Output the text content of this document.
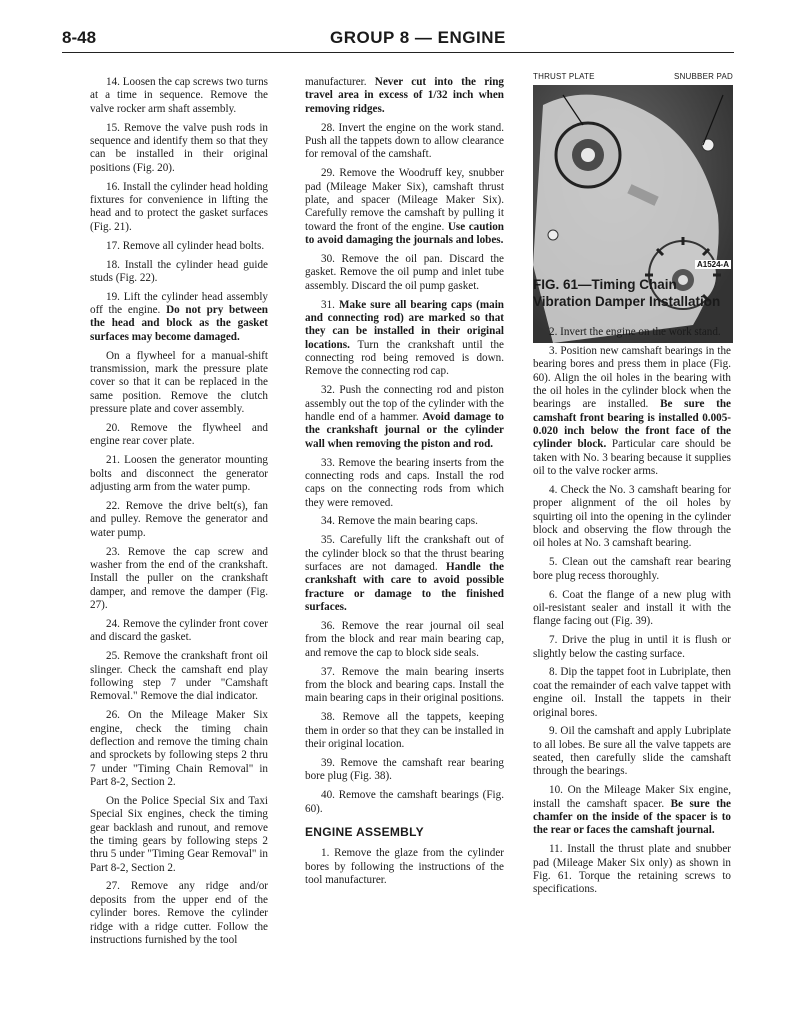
8-48	GROUP 8 — ENGINE

14. Loosen the cap screws two turns at a time in sequence. Remove the valve rocker arm shaft assembly.

15. Remove the valve push rods in sequence and identify them so that they can be installed in their original positions (Fig. 20).

16. Install the cylinder head holding fixtures for convenience in lifting the head and to protect the gasket surfaces (Fig. 21).

17. Remove all cylinder head bolts.

18. Install the cylinder head guide studs (Fig. 22).

19. Lift the cylinder head assembly off the engine. Do not pry between the head and block as the gasket surfaces may become damaged.

On a flywheel for a manual-shift transmission, mark the pressure plate cover so that it can be replaced in the same position. Remove the clutch pressure plate and cover assembly.

20. Remove the flywheel and engine rear cover plate.

21. Loosen the generator mounting bolts and disconnect the generator adjusting arm from the water pump.

22. Remove the drive belt(s), fan and pulley. Remove the generator and water pump.

23. Remove the cap screw and washer from the end of the crankshaft. Install the puller on the crankshaft damper, and remove the damper (Fig. 27).

24. Remove the cylinder front cover and discard the gasket.

25. Remove the crankshaft front oil slinger. Check the camshaft end play following step 7 under "Camshaft Removal." Remove the dial indicator.

26. On the Mileage Maker Six engine, check the timing chain deflection and remove the timing chain and sprockets by following steps 2 thru 7 under "Timing Chain Removal" in Part 8-2, Section 2.

On the Police Special Six and Taxi Special Six engines, check the timing gear backlash and runout, and remove the timing gears by following steps 2 thru 5 under "Timing Gear Removal" in Part 8-2, Section 2.

27. Remove any ridge and/or deposits from the upper end of the cylinder bores. Remove the cylinder ridge with a ridge cutter. Follow the instructions furnished by the tool

manufacturer. Never cut into the ring travel area in excess of 1/32 inch when removing ridges.

28. Invert the engine on the work stand. Push all the tappets down to allow clearance for removal of the camshaft.

29. Remove the Woodruff key, snubber pad (Mileage Maker Six), camshaft thrust plate, and spacer (Mileage Maker Six). Carefully remove the camshaft by pulling it toward the front of the engine. Use caution to avoid damaging the journals and lobes.

30. Remove the oil pan. Discard the gasket. Remove the oil pump and inlet tube assembly. Discard the oil pump gasket.

31. Make sure all bearing caps (main and connecting rod) are marked so that they can be installed in their original locations. Turn the crankshaft until the connecting rod being removed is down. Remove the connecting rod cap.

32. Push the connecting rod and piston assembly out the top of the cylinder with the handle end of a hammer. Avoid damage to the crankshaft journal or the cylinder wall when removing the piston and rod.

33. Remove the bearing inserts from the connecting rods and caps. Install the rod caps on the connecting rods from which they were removed.

34. Remove the main bearing caps.

35. Carefully lift the crankshaft out of the cylinder block so that the thrust bearing surfaces are not damaged. Handle the crankshaft with care to avoid possible fracture or damage to the finished surfaces.

36. Remove the rear journal oil seal from the block and rear main bearing cap, and remove the cap to block side seals.

37. Remove the main bearing inserts from the block and bearing caps. Install the main bearing caps in their original positions.

38. Remove all the tappets, keeping them in order so that they can be installed in their original location.

39. Remove the camshaft rear bearing bore plug (Fig. 38).

40. Remove the camshaft bearings (Fig. 60).

ENGINE ASSEMBLY

1. Remove the glaze from the cylinder bores by following the instructions of the tool manufacturer.

THRUST PLATE	SNUBBER PAD
A1524-A
FIG. 61—Timing Chain Vibration Damper Installation

2. Invert the engine on the work stand.

3. Position new camshaft bearings in the bearing bores and press them in place (Fig. 60). Align the oil holes in the bearing with the oil holes in the cylinder block when the bearings are installed. Be sure the camshaft front bearing is installed 0.005-0.020 inch below the front face of the cylinder block. Particular care should be taken with No. 3 bearing because it supplies oil to the valve rocker arms.

4. Check the No. 3 camshaft bearing for proper alignment of the oil holes by squirting oil into the opening in the cylinder block and observing the flow through the oil holes at No. 3 camshaft bearing.

5. Clean out the camshaft rear bearing bore plug recess thoroughly.

6. Coat the flange of a new plug with oil-resistant sealer and install it with the flange facing out (Fig. 39).

7. Drive the plug in until it is flush or slightly below the casting surface.

8. Dip the tappet foot in Lubriplate, then coat the remainder of each valve tappet with engine oil. Install the tappets in their original bores.

9. Oil the camshaft and apply Lubriplate to all lobes. Be sure all the valve tappets are seated, then carefully slide the camshaft through the bearings.

10. On the Mileage Maker Six engine, install the camshaft spacer. Be sure the chamfer on the inside of the spacer is to the rear or faces the camshaft journal.

11. Install the thrust plate and snubber pad (Mileage Maker Six only) as shown in Fig. 61. Torque the retaining screws to specifications.
